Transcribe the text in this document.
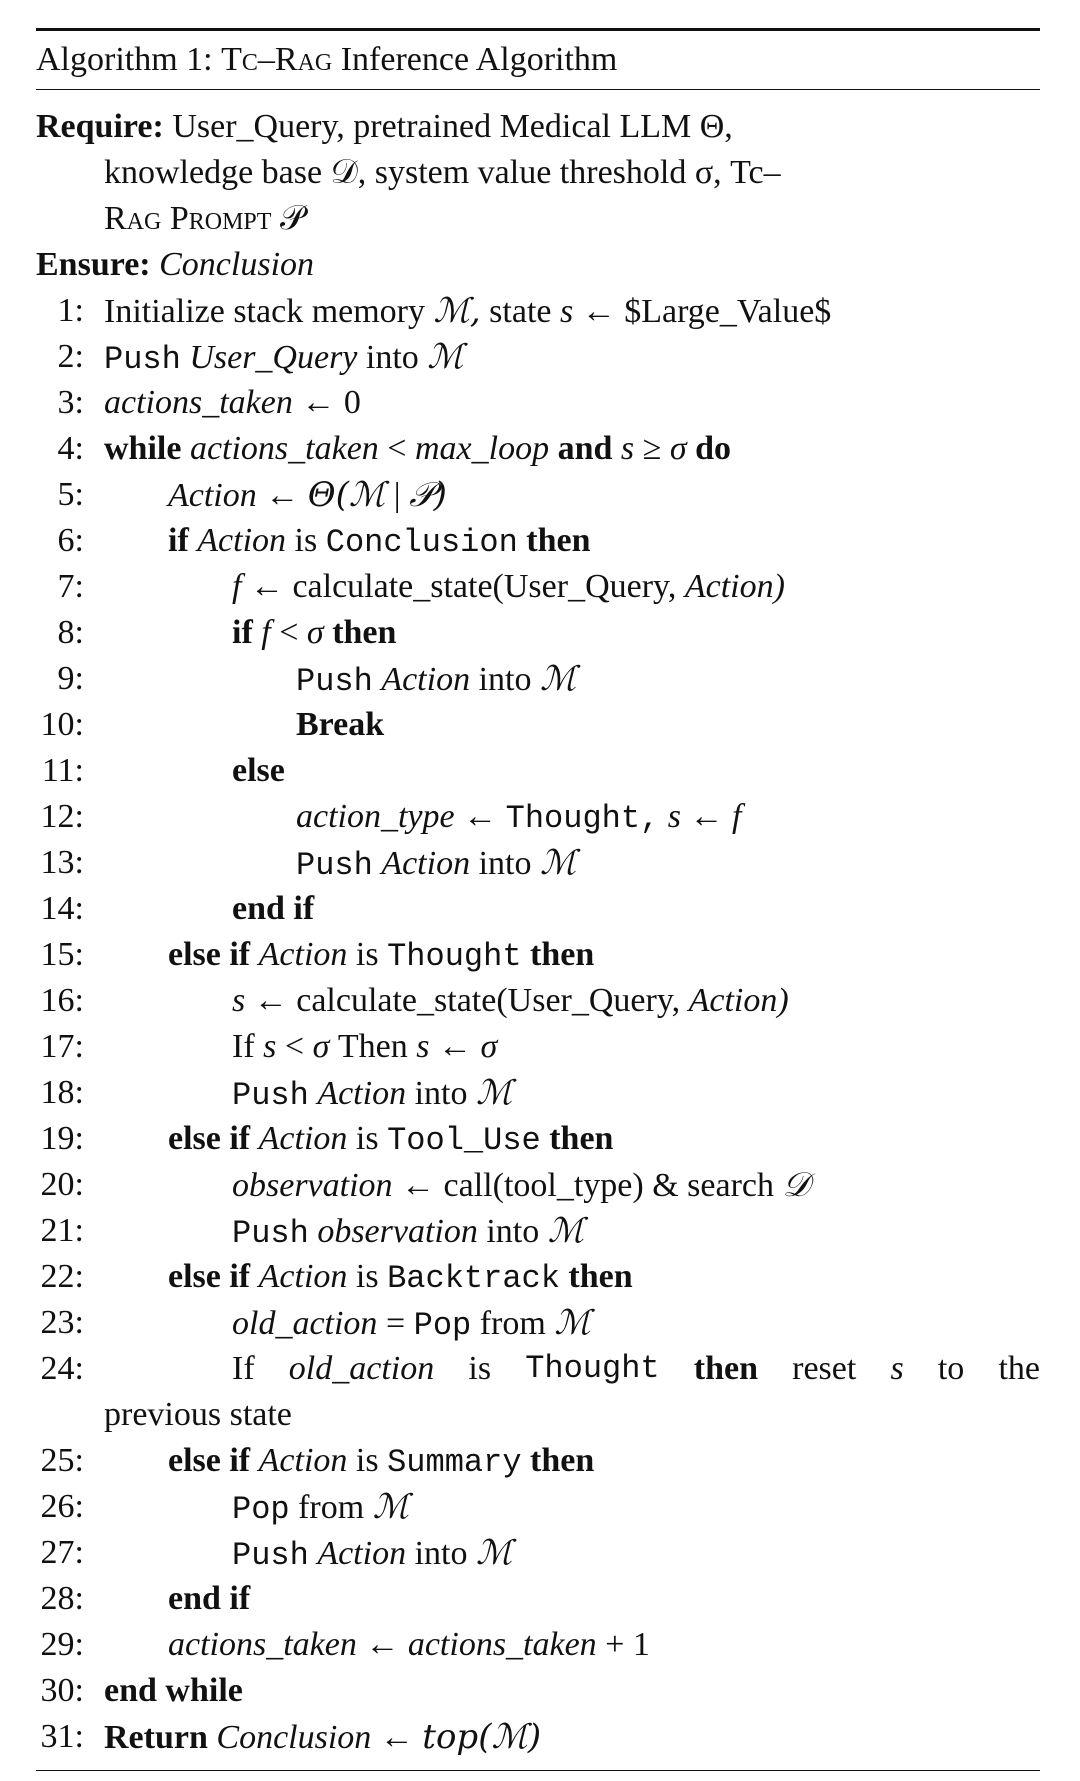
Algorithm 1: Tc–Rag Inference Algorithm
Require: User_Query, pretrained Medical LLM Θ,
knowledge base 𝒟, system value threshold σ, Tc–
Rag Prompt 𝒫
Ensure: Conclusion
1: Initialize stack memory ℳ, state s ← $Large_Value$
2: Push User_Query into ℳ
3: actions_taken ← 0
4: while actions_taken < max_loop and s ≥ σ do
5: Action ← Θ(ℳ | 𝒫)
6: if Action is Conclusion then
7:	f ← calculate_state(User_Query, Action)
8:	if f < σ then
9:	Push Action into ℳ
10:	Break
11:	else
12:	action_type ← Thought, s ← f
13:	Push Action into ℳ
14:	end if
15: else if Action is Thought then
16:	s ← calculate_state(User_Query, Action)
17:	If s < σ Then s ← σ
18:	Push Action into ℳ
19: else if Action is Tool_Use then
20:	observation ← call(tool_type) & search 𝒟
21:	Push observation into ℳ
22: else if Action is Backtrack then
23:	old_action = Pop from ℳ
24:	If old_action is Thought then reset s to the
previous state
25: else if Action is Summary then
26:	Pop from ℳ
27:	Push Action into ℳ
28: end if
29: actions_taken ← actions_taken + 1
30: end while
31: Return Conclusion ← top(ℳ)
